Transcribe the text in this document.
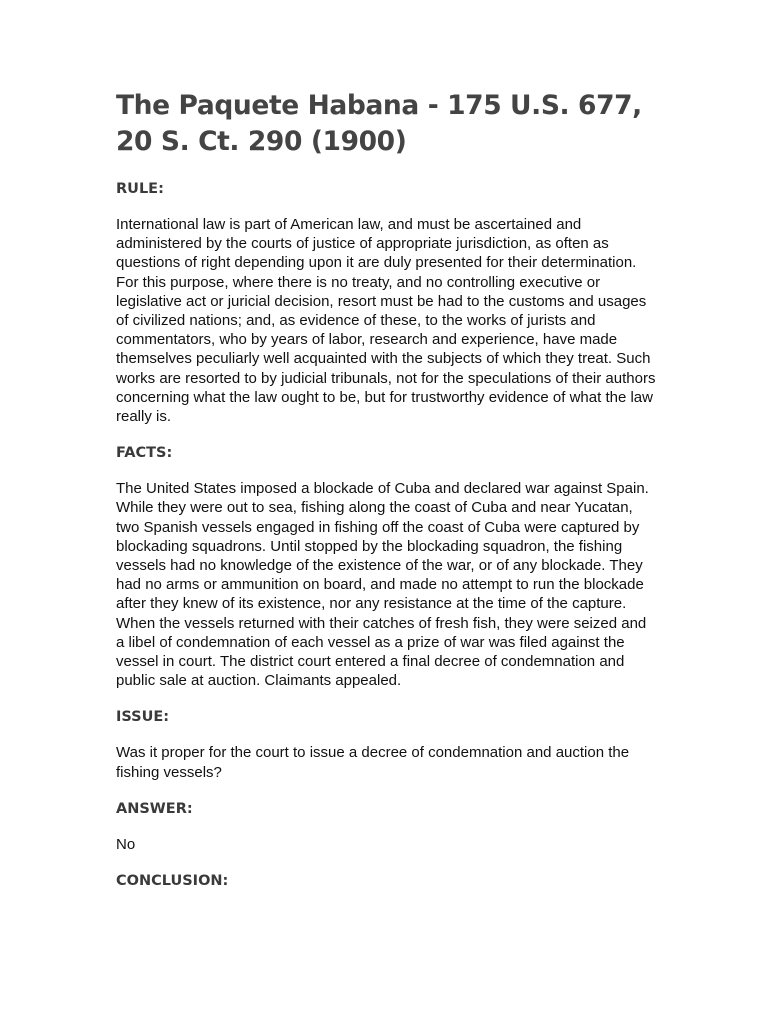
The Paquete Habana - 175 U.S. 677, 20 S. Ct. 290 (1900)
RULE:

International law is part of American law, and must be ascertained and administered by the courts of justice of appropriate jurisdiction, as often as questions of right depending upon it are duly presented for their determination. For this purpose, where there is no treaty, and no controlling executive or legislative act or juricial decision, resort must be had to the customs and usages of civilized nations; and, as evidence of these, to the works of jurists and commentators, who by years of labor, research and experience, have made themselves peculiarly well acquainted with the subjects of which they treat. Such works are resorted to by judicial tribunals, not for the speculations of their authors concerning what the law ought to be, but for trustworthy evidence of what the law really is.

FACTS:

The United States imposed a blockade of Cuba and declared war against Spain. While they were out to sea, fishing along the coast of Cuba and near Yucatan, two Spanish vessels engaged in fishing off the coast of Cuba were captured by blockading squadrons. Until stopped by the blockading squadron, the fishing vessels had no knowledge of the existence of the war, or of any blockade. They had no arms or ammunition on board, and made no attempt to run the blockade after they knew of its existence, nor any resistance at the time of the capture. When the vessels returned with their catches of fresh fish, they were seized and a libel of condemnation of each vessel as a prize of war was filed against the vessel in court. The district court entered a final decree of condemnation and public sale at auction. Claimants appealed.

ISSUE:

Was it proper for the court to issue a decree of condemnation and auction the fishing vessels?

ANSWER:

No

CONCLUSION:
